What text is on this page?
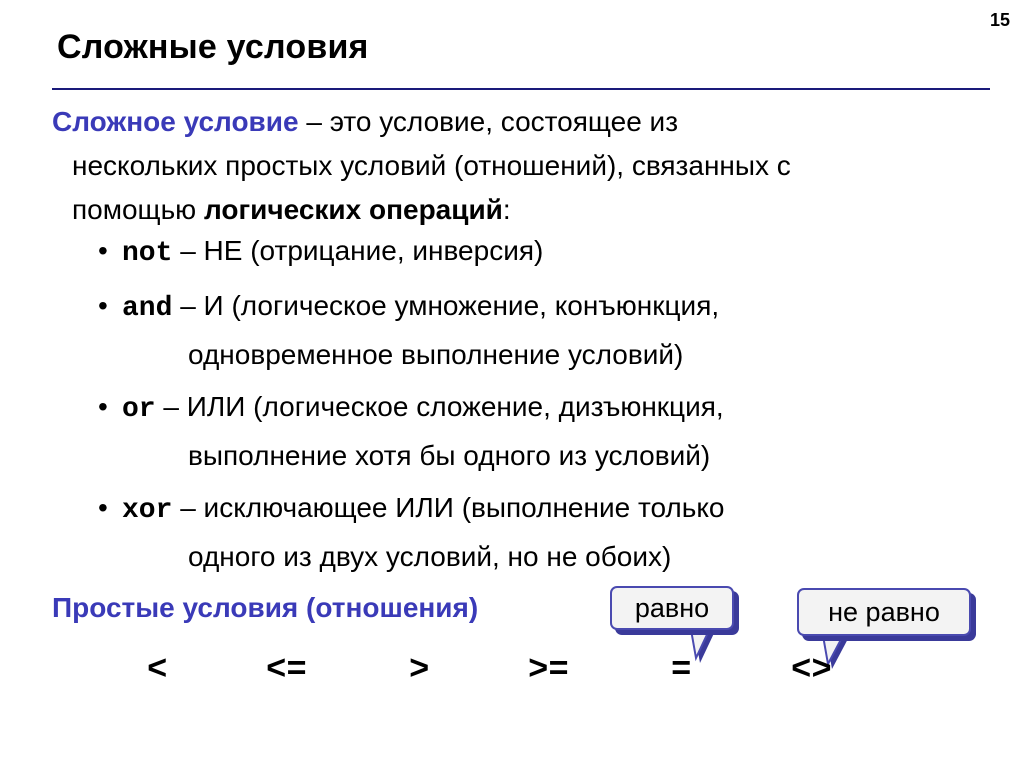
15
Сложные условия
Сложное условие – это условие, состоящее из
нескольких простых условий (отношений), связанных с
помощью логических операций:
• not – НЕ (отрицание, инверсия)
• and – И (логическое умножение, конъюнкция,
одновременное выполнение условий)
• or – ИЛИ (логическое сложение, дизъюнкция,
выполнение хотя бы одного из условий)
• xor – исключающее ИЛИ (выполнение только
одного из двух условий, но не обоих)
Простые условия (отношения)	равно	не равно
<	<=	>	>=	=	<>
